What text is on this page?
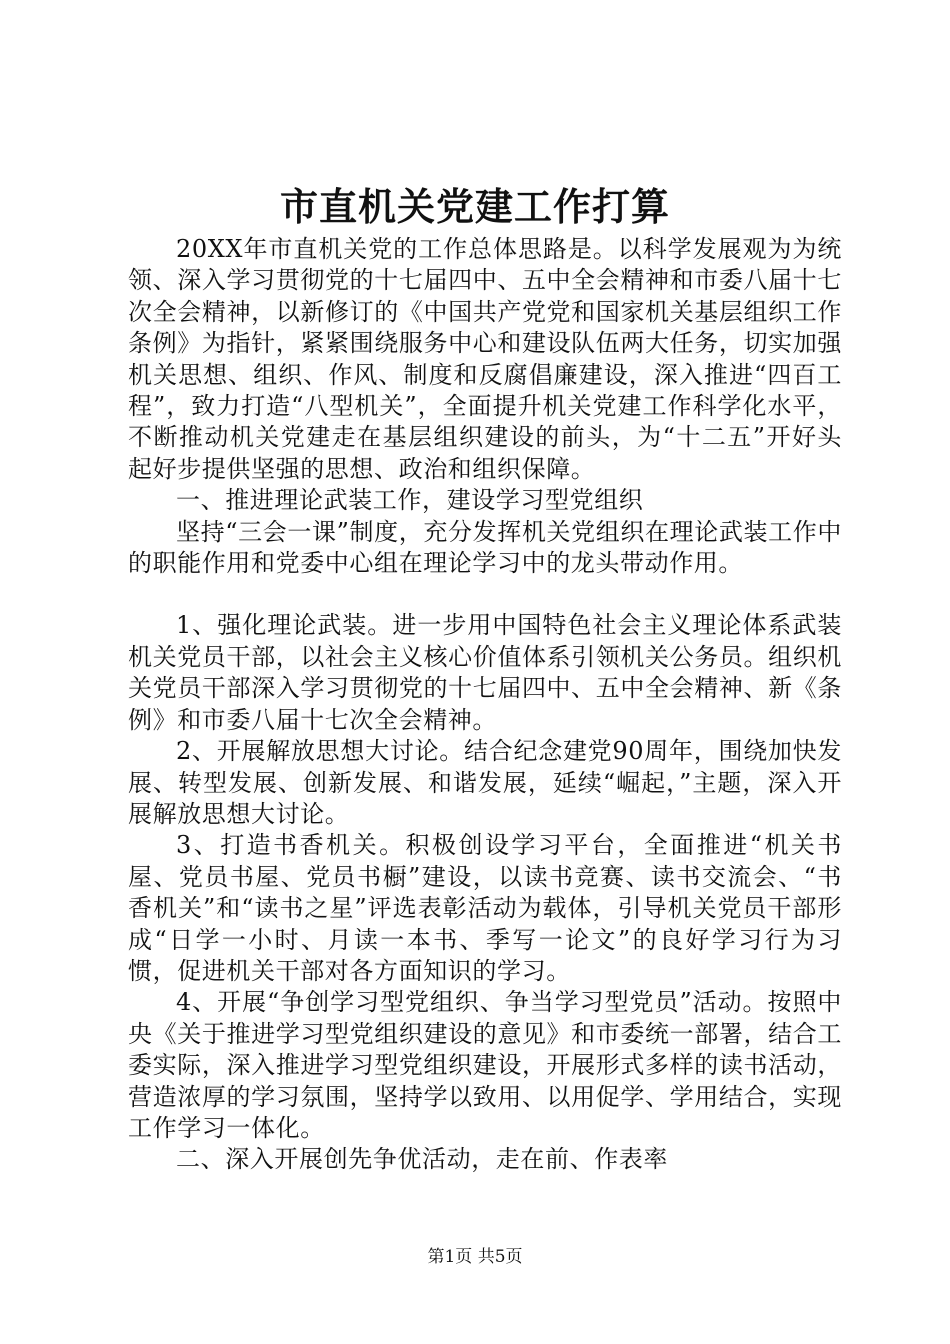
市直机关党建工作打算

20XX年市直机关党的工作总体思路是。以科学发展观为为统领、深入学习贯彻党的十七届四中、五中全会精神和市委八届十七次全会精神，以新修订的《中国共产党党和国家机关基层组织工作条例》为指针，紧紧围绕服务中心和建设队伍两大任务，切实加强机关思想、组织、作风、制度和反腐倡廉建设，深入推进“四百工程”，致力打造“八型机关”，全面提升机关党建工作科学化水平，不断推动机关党建走在基层组织建设的前头，为“十二五”开好头起好步提供坚强的思想、政治和组织保障。

一、推进理论武装工作，建设学习型党组织

坚持“三会一课”制度，充分发挥机关党组织在理论武装工作中的职能作用和党委中心组在理论学习中的龙头带动作用。

1、强化理论武装。进一步用中国特色社会主义理论体系武装机关党员干部，以社会主义核心价值体系引领机关公务员。组织机关党员干部深入学习贯彻党的十七届四中、五中全会精神、新《条例》和市委八届十七次全会精神。

2、开展解放思想大讨论。结合纪念建党90周年，围绕加快发展、转型发展、创新发展、和谐发展，延续“崛起，”主题，深入开展解放思想大讨论。

3、打造书香机关。积极创设学习平台，全面推进“机关书屋、党员书屋、党员书橱”建设，以读书竞赛、读书交流会、“书香机关”和“读书之星”评选表彰活动为载体，引导机关党员干部形成“日学一小时、月读一本书、季写一论文”的良好学习行为习惯，促进机关干部对各方面知识的学习。

4、开展“争创学习型党组织、争当学习型党员”活动。按照中央《关于推进学习型党组织建设的意见》和市委统一部署，结合工委实际，深入推进学习型党组织建设，开展形式多样的读书活动，营造浓厚的学习氛围，坚持学以致用、以用促学、学用结合，实现工作学习一体化。

二、深入开展创先争优活动，走在前、作表率

第1页 共5页
